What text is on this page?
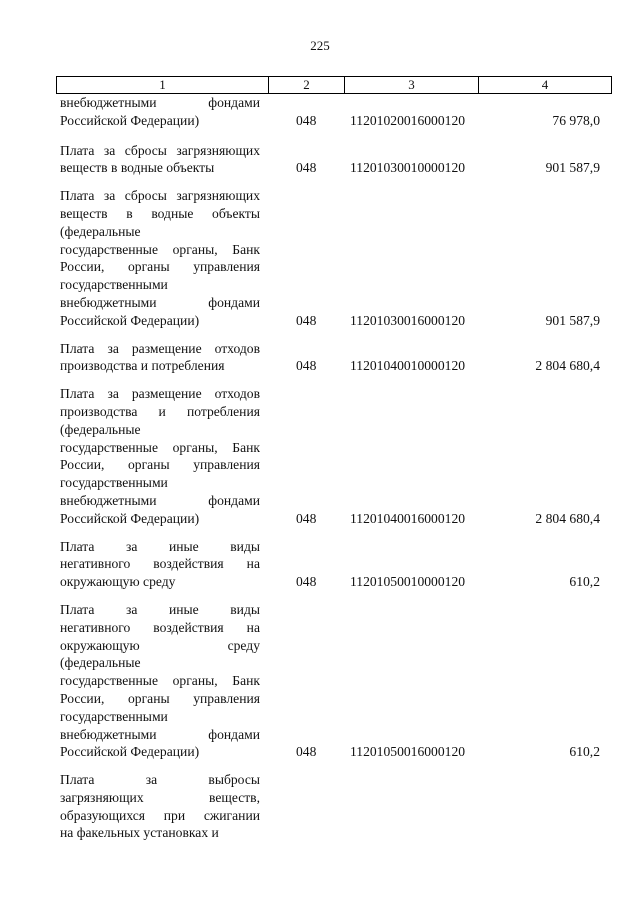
225
1	2	3	4
внебюджетными фондами
Российской Федерации)	048 11201020016000120	76 978,0
Плата за сбросы загрязняющих
веществ в водные объекты	048 11201030010000120	901 587,9
Плата за сбросы загрязняющих
веществ в водные объекты
(федеральные
государственные органы, Банк
России, органы управления
государственными
внебюджетными фондами
Российской Федерации)	048 11201030016000120	901 587,9
Плата за размещение отходов
производства и потребления	048 11201040010000120	2 804 680,4
Плата за размещение отходов
производства и потребления
(федеральные
государственные органы, Банк
России, органы управления
государственными
внебюджетными фондами
Российской Федерации)	048 11201040016000120	2 804 680,4
Плата за иные виды
негативного воздействия на
окружающую среду	048 11201050010000120	610,2
Плата за иные виды
негативного воздействия на
окружающую среду
(федеральные
государственные органы, Банк
России, органы управления
государственными
внебюджетными фондами
Российской Федерации)	048 11201050016000120	610,2
Плата за выбросы
загрязняющих веществ,
образующихся при сжигании
на факельных установках и
